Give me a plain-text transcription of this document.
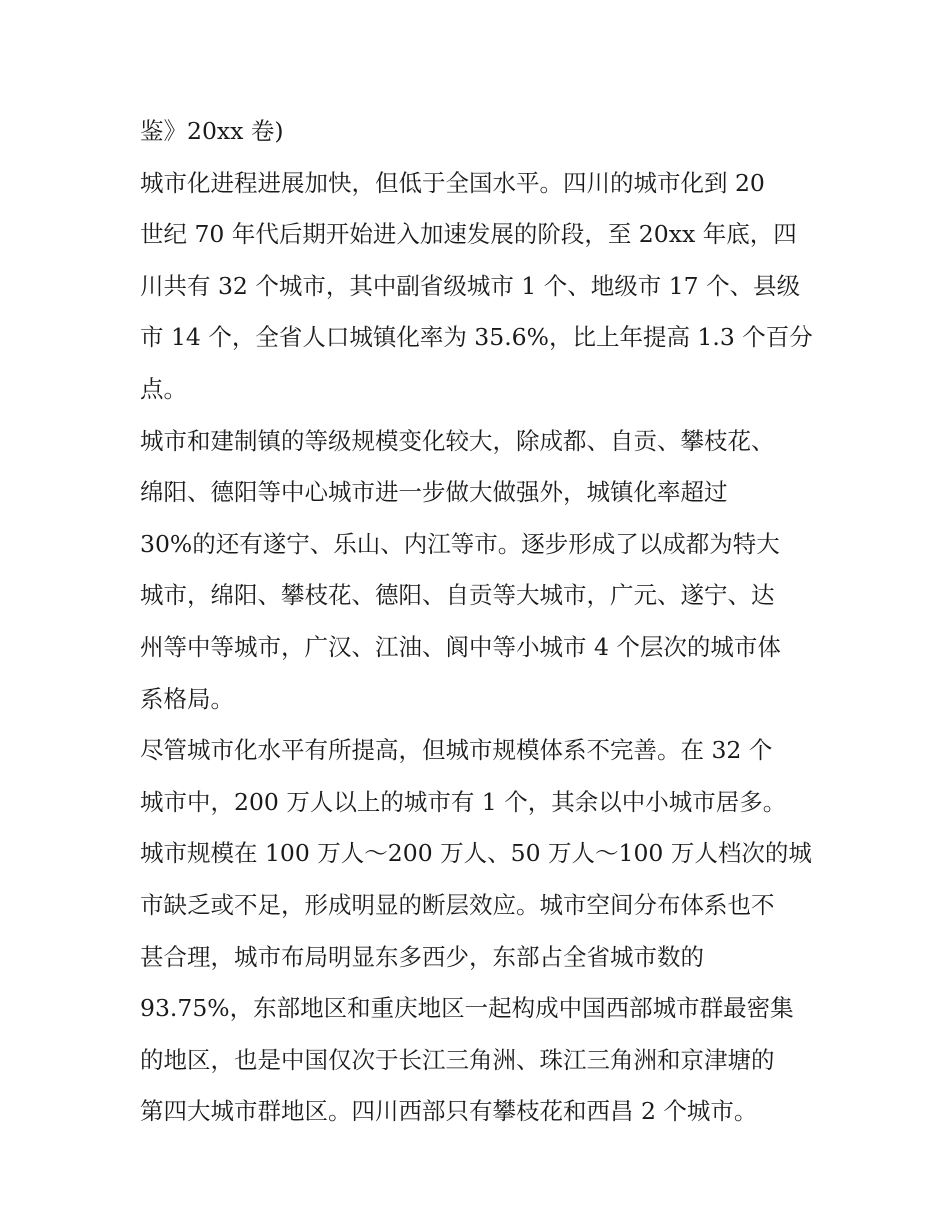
鉴》20xx 卷)
城市化进程进展加快，但低于全国水平。四川的城市化到 20
世纪 70 年代后期开始进入加速发展的阶段，至 20xx 年底，四
川共有 32 个城市，其中副省级城市 1 个、地级市 17 个、县级
市 14 个，全省人口城镇化率为 35.6%，比上年提高 1.3 个百分
点。
城市和建制镇的等级规模变化较大，除成都、自贡、攀枝花、
绵阳、德阳等中心城市进一步做大做强外，城镇化率超过
30%的还有遂宁、乐山、内江等市。逐步形成了以成都为特大
城市，绵阳、攀枝花、德阳、自贡等大城市，广元、遂宁、达
州等中等城市，广汉、江油、阆中等小城市 4 个层次的城市体
系格局。
尽管城市化水平有所提高，但城市规模体系不完善。在 32 个
城市中，200 万人以上的城市有 1 个，其余以中小城市居多。
城市规模在 100 万人～200 万人、50 万人～100 万人档次的城
市缺乏或不足，形成明显的断层效应。城市空间分布体系也不
甚合理，城市布局明显东多西少，东部占全省城市数的
93.75%，东部地区和重庆地区一起构成中国西部城市群最密集
的地区，也是中国仅次于长江三角洲、珠江三角洲和京津塘的
第四大城市群地区。四川西部只有攀枝花和西昌 2 个城市。
